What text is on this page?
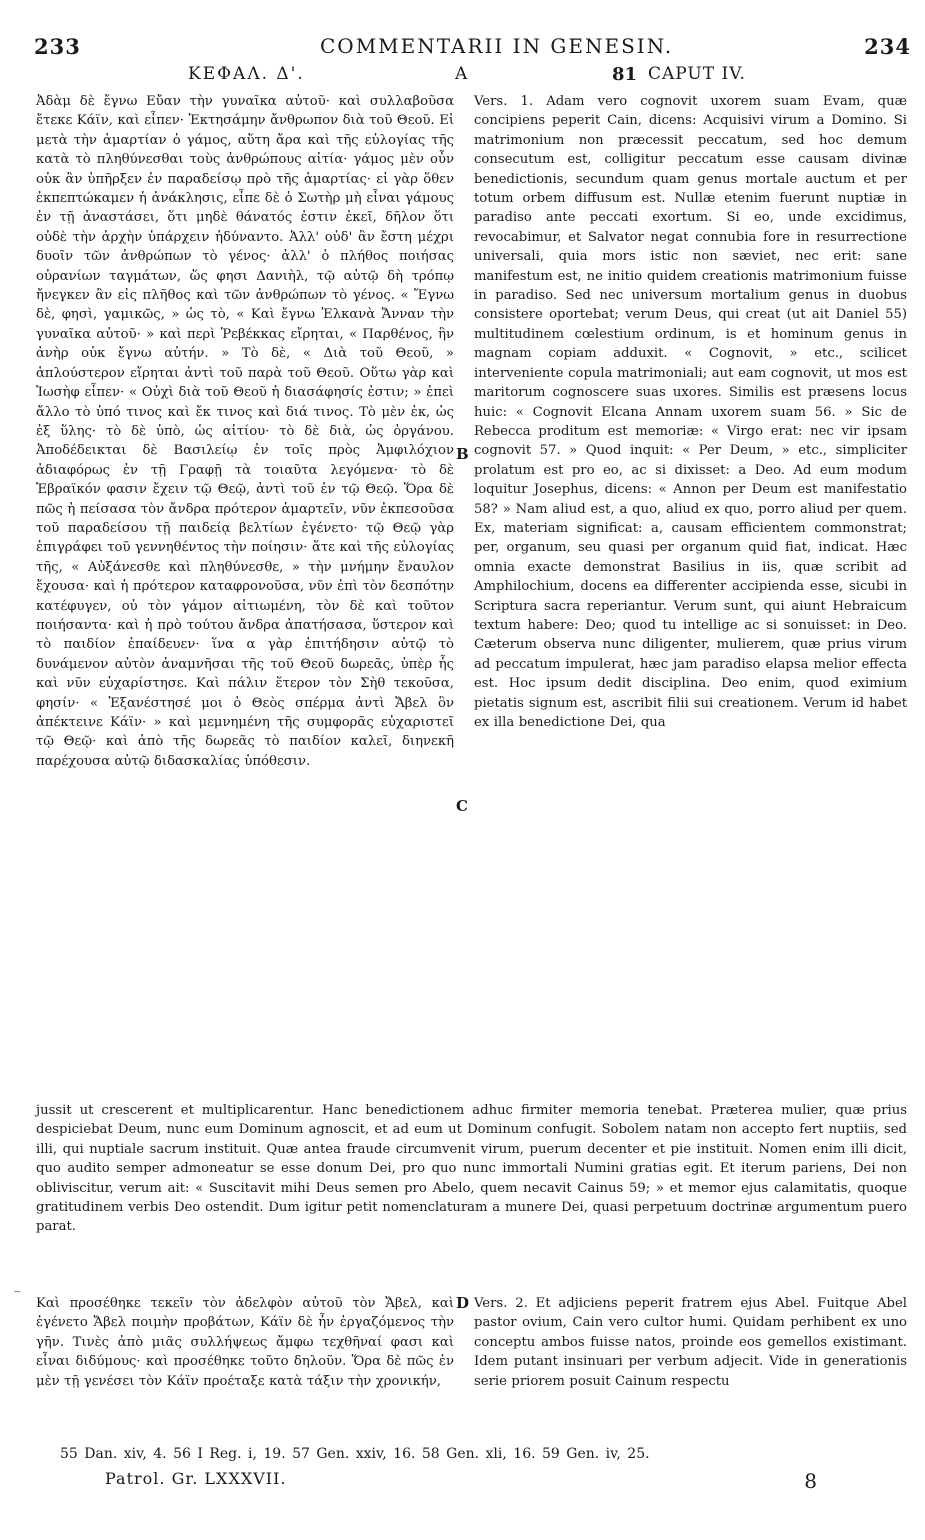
233	COMMENTARII IN GENESIN.	234
ΚΕΦΑΛ. Δ'.	A	81 CAPUT IV.
Ἀδὰμ δὲ ἔγνω Εὔαν τὴν γυναῖκα αὐτοῦ· καὶ συλλαβοῦσα ἔτεκε Κάϊν, καὶ εἶπεν· Ἐκτησάμην ἄνθρωπον διὰ τοῦ Θεοῦ. Εἰ μετὰ τὴν ἁμαρτίαν ὁ γάμος, αὕτη ἄρα καὶ τῆς εὐλογίας τῆς κατὰ τὸ πληθύνεσθαι τοὺς ἀνθρώπους αἰτία· γάμος μὲν οὖν οὐκ ἂν ὑπῆρξεν ἐν παραδείσῳ πρὸ τῆς ἁμαρτίας· εἰ γὰρ ὅθεν ἐκπεπτώκαμεν ἡ ἀνάκλησις, εἶπε δὲ ὁ Σωτὴρ μὴ εἶναι γάμους ἐν τῇ ἀναστάσει, ὅτι μηδὲ θάνατός ἐστιν ἐκεῖ, δῆλον ὅτι οὐδὲ τὴν ἀρχὴν ὑπάρχειν ἠδύναντο. Ἀλλ' οὐδ' ἂν ἔστη μέχρι δυοῖν τῶν ἀνθρώπων τὸ γένος· ἀλλ' ὁ πλήθος ποιήσας οὐρανίων ταγμάτων, ὥς φησι Δανιὴλ, τῷ αὐτῷ δὴ τρόπῳ ἤνεγκεν ἂν εἰς πλῆθος καὶ τῶν ἀνθρώπων τὸ γένος. « Ἔγνω δὲ, φησὶ, γαμικῶς, » ὡς τὸ, « Καὶ ἔγνω Ἐλκανὰ Ἄνναν τὴν γυναῖκα αὐτοῦ· » καὶ περὶ Ῥεβέκκας εἴρηται, « Παρθένος, ἣν ἀνὴρ οὐκ ἔγνω αὐτήν. » Τὸ δὲ, « Διὰ τοῦ Θεοῦ, » ἁπλούστερον εἴρηται ἀντὶ τοῦ παρὰ τοῦ Θεοῦ. Οὕτω γὰρ καὶ Ἰωσὴφ εἶπεν· « Οὐχὶ διὰ τοῦ Θεοῦ ἡ διασάφησίς ἐστιν; » ἐπεὶ ἄλλο τὸ ὑπό τινος καὶ ἔκ τινος καὶ διά τινος. Τὸ μὲν ἐκ, ὡς ἐξ ὕλης· τὸ δὲ ὑπὸ, ὡς αἰτίου· τὸ δὲ διὰ, ὡς ὀργάνου. Ἀποδέδεικται δὲ Βασιλείῳ ἐν τοῖς πρὸς Ἀμφιλόχιον ἀδιαφόρως ἐν τῇ Γραφῇ τὰ τοιαῦτα λεγόμενα· τὸ δὲ Ἑβραϊκόν φασιν ἔχειν τῷ Θεῷ, ἀντὶ τοῦ ἐν τῷ Θεῷ. Ὅρα δὲ πῶς ἡ πείσασα τὸν ἄνδρα πρότερον ἁμαρτεῖν, νῦν ἐκπεσοῦσα τοῦ παραδείσου τῇ παιδείᾳ βελτίων ἐγένετο· τῷ Θεῷ γὰρ ἐπιγράφει τοῦ γεννηθέντος τὴν ποίησιν· ἅτε καὶ τῆς εὐλογίας τῆς, « Αὐξάνεσθε καὶ πληθύνεσθε, » τὴν μνήμην ἔναυλον ἔχουσα· καὶ ἡ πρότερον καταφρονοῦσα, νῦν ἐπὶ τὸν δεσπότην κατέφυγεν, οὐ τὸν γάμον αἰτιωμένη, τὸν δὲ καὶ τοῦτον ποιήσαντα· καὶ ἡ πρὸ τούτου ἄνδρα ἀπατήσασα, ὕστερον καὶ τὸ παιδίον ἐπαίδευεν· ἵνα α γὰρ ἐπιτήδησιν αὐτῷ τὸ δυνάμενον αὐτὸν ἀναμνῆσαι τῆς τοῦ Θεοῦ δωρεᾶς, ὑπὲρ ἧς καὶ νῦν εὐχαρίστησε. Καὶ πάλιν ἕτερον τὸν Σὴθ τεκοῦσα, φησίν· « Ἐξανέστησέ μοι ὁ Θεὸς σπέρμα ἀντὶ Ἄβελ ὃν ἀπέκτεινε Κάϊν· » καὶ μεμνημένη τῆς συμφορᾶς εὐχαριστεῖ τῷ Θεῷ· καὶ ἀπὸ τῆς δωρεᾶς τὸ παιδίον καλεῖ, διηνεκῆ παρέχουσα αὐτῷ διδασκαλίας ὑπόθεσιν.
Vers. 1. Adam vero cognovit uxorem suam Evam, quæ concipiens peperit Cain, dicens: Acquisivi virum a Domino. Si matrimonium non præcessit peccatum, sed hoc demum consecutum est, colligitur peccatum esse causam divinæ benedictionis, secundum quam genus mortale auctum et per totum orbem diffusum est. Nullæ etenim fuerunt nuptiæ in paradiso ante peccati exortum. Si eo, unde excidimus, revocabimur, et Salvator negat connubia fore in resurrectione universali, quia mors istic non sæviet, nec erit: sane manifestum est, ne initio quidem creationis matrimonium fuisse in paradiso. Sed nec universum mortalium genus in duobus consistere oportebat; verum Deus, qui creat (ut ait Daniel 55) multitudinem cœlestium ordinum, is et hominum genus in magnam copiam adduxit. « Cognovit, » etc., scilicet interveniente copula matrimoniali; aut eam cognovit, ut mos est maritorum cognoscere suas uxores. Similis est præsens locus huic: « Cognovit Elcana Annam uxorem suam 56. » Sic de Rebecca proditum est memoriæ: « Virgo erat: nec vir ipsam cognovit 57. » Quod inquit: « Per Deum, » etc., simpliciter prolatum est pro eo, ac si dixisset: a Deo. Ad eum modum loquitur Josephus, dicens: « Annon per Deum est manifestatio 58? » Nam aliud est, a quo, aliud ex quo, porro aliud per quem. Ex, materiam significat: a, causam efficientem commonstrat; per, organum, seu quasi per organum quid fiat, indicat. Hæc omnia exacte demonstrat Basilius in iis, quæ scribit ad Amphilochium, docens ea differenter accipienda esse, sicubi in Scriptura sacra reperiantur. Verum sunt, qui aiunt Hebraicum textum habere: Deo; quod tu intellige ac si sonuisset: in Deo. Cæterum observa nunc diligenter, mulierem, quæ prius virum ad peccatum impulerat, hæc jam paradiso elapsa melior effecta est. Hoc ipsum dedit disciplina. Deo enim, quod eximium pietatis signum est, ascribit filii sui creationem. Verum id habet ex illa benedictione Dei, qua
B
C
jussit ut crescerent et multiplicarentur. Hanc benedictionem adhuc firmiter memoria tenebat. Præterea mulier, quæ prius despiciebat Deum, nunc eum Dominum agnoscit, et ad eum ut Dominum confugit. Sobolem natam non accepto fert nuptiis, sed illi, qui nuptiale sacrum instituit. Quæ antea fraude circumvenit virum, puerum decenter et pie instituit. Nomen enim illi dicit, quo audito semper admoneatur se esse donum Dei, pro quo nunc immortali Numini gratias egit. Et iterum pariens, Dei non obliviscitur, verum ait: « Suscitavit mihi Deus semen pro Abelo, quem necavit Cainus 59; » et memor ejus calamitatis, quoque gratitudinem verbis Deo ostendit. Dum igitur petit nomenclaturam a munere Dei, quasi perpetuum doctrinæ argumentum puero parat.
_
Καὶ προσέθηκε τεκεῖν τὸν ἀδελφὸν αὐτοῦ τὸν Ἄβελ, καὶ ἐγένετο Ἄβελ ποιμὴν προβάτων, Κάϊν δὲ ἦν ἐργαζόμενος τὴν γῆν. Τινὲς ἀπὸ μιᾶς συλλήψεως ἄμφω τεχθῆναί φασι καὶ εἶναι διδύμους· καὶ προσέθηκε τοῦτο δηλοῦν. Ὅρα δὲ πῶς ἐν μὲν τῇ γενέσει τὸν Κάϊν προέταξε κατὰ τάξιν τὴν χρονικήν,
D Vers. 2. Et adjiciens peperit fratrem ejus Abel. Fuitque Abel pastor ovium, Cain vero cultor humi. Quidam perhibent ex uno conceptu ambos fuisse natos, proinde eos gemellos existimant. Idem putant insinuari per verbum adjecit. Vide in generationis serie priorem posuit Cainum respectu
55 Dan. xiv, 4. 56 I Reg. i, 19. 57 Gen. xxiv, 16. 58 Gen. xli, 16. 59 Gen. iv, 25.
Patrol. Gr. LXXXVII.	8
